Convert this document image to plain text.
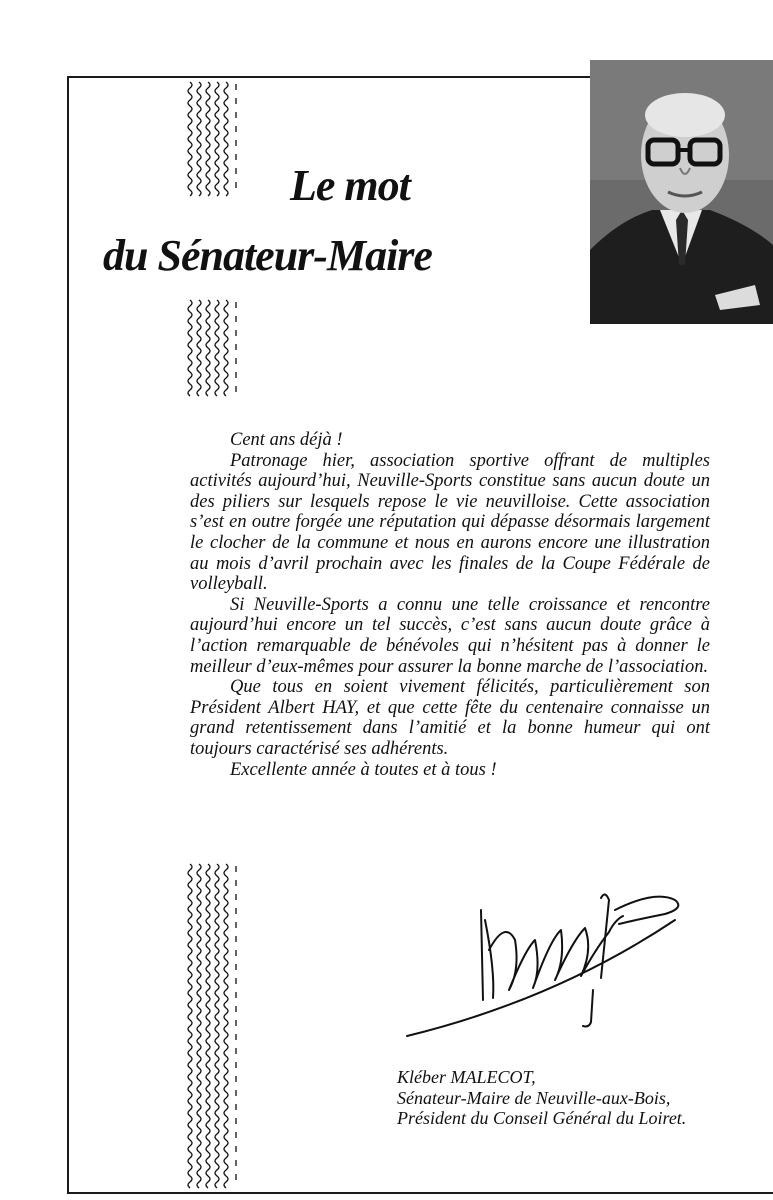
Le mot
du Sénateur-Maire

Cent ans déjà !

Patronage hier, association sportive offrant de multiples activités aujourd’hui, Neuville-Sports constitue sans aucun doute un des piliers sur lesquels repose le vie neuvilloise. Cette association s’est en outre forgée une réputation qui dépasse désormais largement le clocher de la commune et nous en aurons encore une illustration au mois d’avril prochain avec les finales de la Coupe Fédérale de volleyball.

Si Neuville-Sports a connu une telle croissance et rencontre aujourd’hui encore un tel succès, c’est sans aucun doute grâce à l’action remarquable de bénévoles qui n’hésitent pas à donner le meilleur d’eux-mêmes pour assurer la bonne marche de l’association.

Que tous en soient vivement félicités, particulièrement son Président Albert HAY, et que cette fête du centenaire connaisse un grand retentissement dans l’amitié et la bonne humeur qui ont toujours caractérisé ses adhérents.

Excellente année à toutes et à tous !

Kléber MALECOT,
Sénateur-Maire de Neuville-aux-Bois,
Président du Conseil Général du Loiret.
